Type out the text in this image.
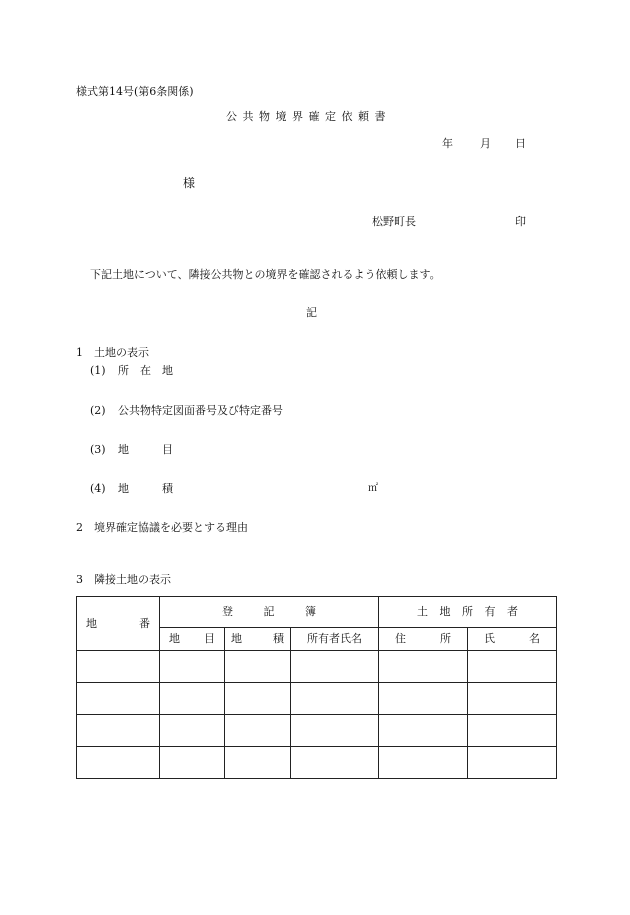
様式第14号(第6条関係)
公共物境界確定依頼書
年 月 日
様
松野町長	印
下記土地について、隣接公共物との境界を確認されるよう依頼します。
記
1　土地の表示
(1) 所　在　地
(2) 公共物特定図面番号及び特定番号
(3) 地　　　目
(4) 地　　　積	㎡
2　境界確定協議を必要とする理由
3　隣接土地の表示
地 番	登 記 簿			土 地 所 有 者	

	地 目	地 積	所有者氏名	住 所	氏 名
